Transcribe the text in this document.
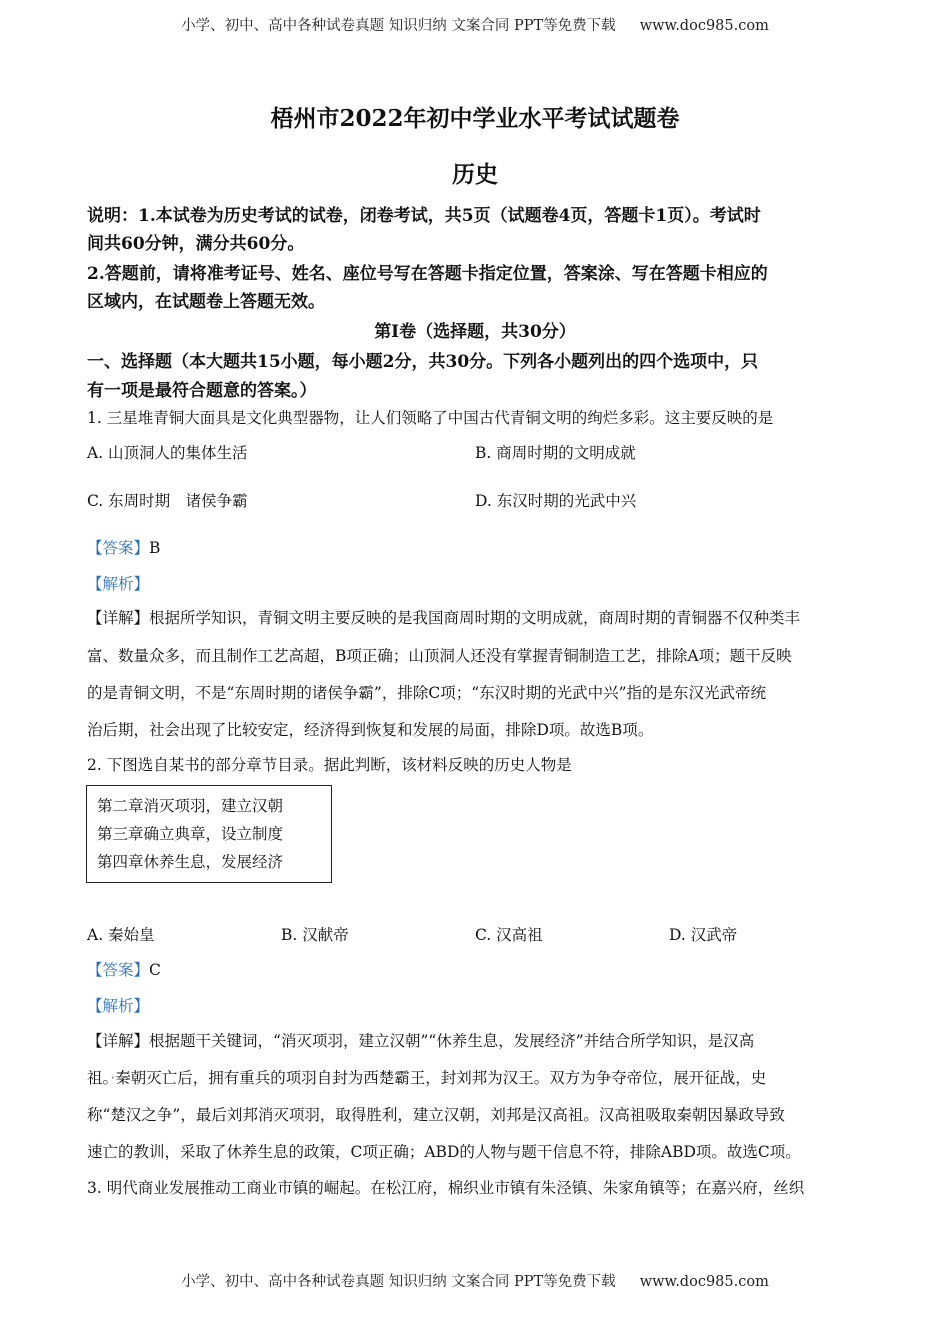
小学、初中、高中各种试卷真题 知识归纳 文案合同 PPT等免费下载 www.doc985.com
梧州市2022年初中学业水平考试试题卷
历史
说明：1.本试卷为历史考试的试卷，闭卷考试，共5页（试题卷4页，答题卡1页）。考试时
间共60分钟，满分共60分。
2.答题前，请将准考证号、姓名、座位号写在答题卡指定位置，答案涂、写在答题卡相应的
区域内，在试题卷上答题无效。
第I卷（选择题，共30分）
一、选择题（本大题共15小题，每小题2分，共30分。下列各小题列出的四个选项中，只
有一项是最符合题意的答案。）
1. 三星堆青铜大面具是文化典型器物，让人们领略了中国古代青铜文明的绚烂多彩。这主要反映的是
A. 山顶洞人的集体生活	B. 商周时期的文明成就
C. 东周时期　诸侯争霸	D. 东汉时期的光武中兴
【答案】B
【解析】
【详解】根据所学知识，青铜文明主要反映的是我国商周时期的文明成就，商周时期的青铜器不仅种类丰
富、数量众多，而且制作工艺高超，B项正确；山顶洞人还没有掌握青铜制造工艺，排除A项；题干反映
的是青铜文明，不是“东周时期的诸侯争霸”，排除C项；“东汉时期的光武中兴”指的是东汉光武帝统
治后期，社会出现了比较安定，经济得到恢复和发展的局面，排除D项。故选B项。
2. 下图选自某书的部分章节目录。据此判断，该材料反映的历史人物是
第二章消灭项羽，建立汉朝
第三章确立典章，设立制度
第四章休养生息，发展经济
A. 秦始皇	B. 汉献帝	C. 汉高祖	D. 汉武帝
【答案】C
【解析】
【详解】根据题干关键词，“消灭项羽，建立汉朝”“休养生息，发展经济”并结合所学知识，是汉高
祖。·秦朝灭亡后，拥有重兵的项羽自封为西楚霸王，封刘邦为汉王。双方为争夺帝位，展开征战，史
称“楚汉之争”，最后刘邦消灭项羽，取得胜利，建立汉朝，刘邦是汉高祖。汉高祖吸取秦朝因暴政导致
速亡的教训，采取了休养生息的政策，C项正确；ABD的人物与题干信息不符，排除ABD项。故选C项。
3. 明代商业发展推动工商业市镇的崛起。在松江府，棉织业市镇有朱泾镇、朱家角镇等；在嘉兴府，丝织
小学、初中、高中各种试卷真题 知识归纳 文案合同 PPT等免费下载 www.doc985.com
